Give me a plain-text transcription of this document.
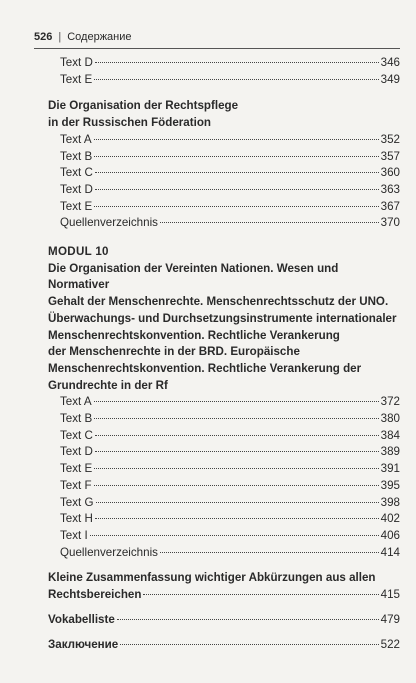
526 | Содержание
Text D	346
Text E	349
Die Organisation der Rechtspflege
in der Russischen Föderation
Text A	352
Text B	357
Text C	360
Text D	363
Text E	367
Quellenverzeichnis	370
MODUL 10
Die Organisation der Vereinten Nationen. Wesen und Normativer
Gehalt der Menschenrechte. Menschenrechtsschutz der UNO.
Überwachungs- und Durchsetzungsinstrumente internationaler
Menschenrechtskonvention. Rechtliche Verankerung
der Menschenrechte in der BRD. Europäische
Menschenrechtskonvention. Rechtliche Verankerung der
Grundrechte in der Rf
Text A	372
Text B	380
Text C	384
Text D	389
Text E	391
Text F	395
Text G	398
Text H	402
Text I	406
Quellenverzeichnis	414
Kleine Zusammenfassung wichtiger Abkürzungen aus allen
Rechtsbereichen	415
Vokabelliste	479
Заключение	522
